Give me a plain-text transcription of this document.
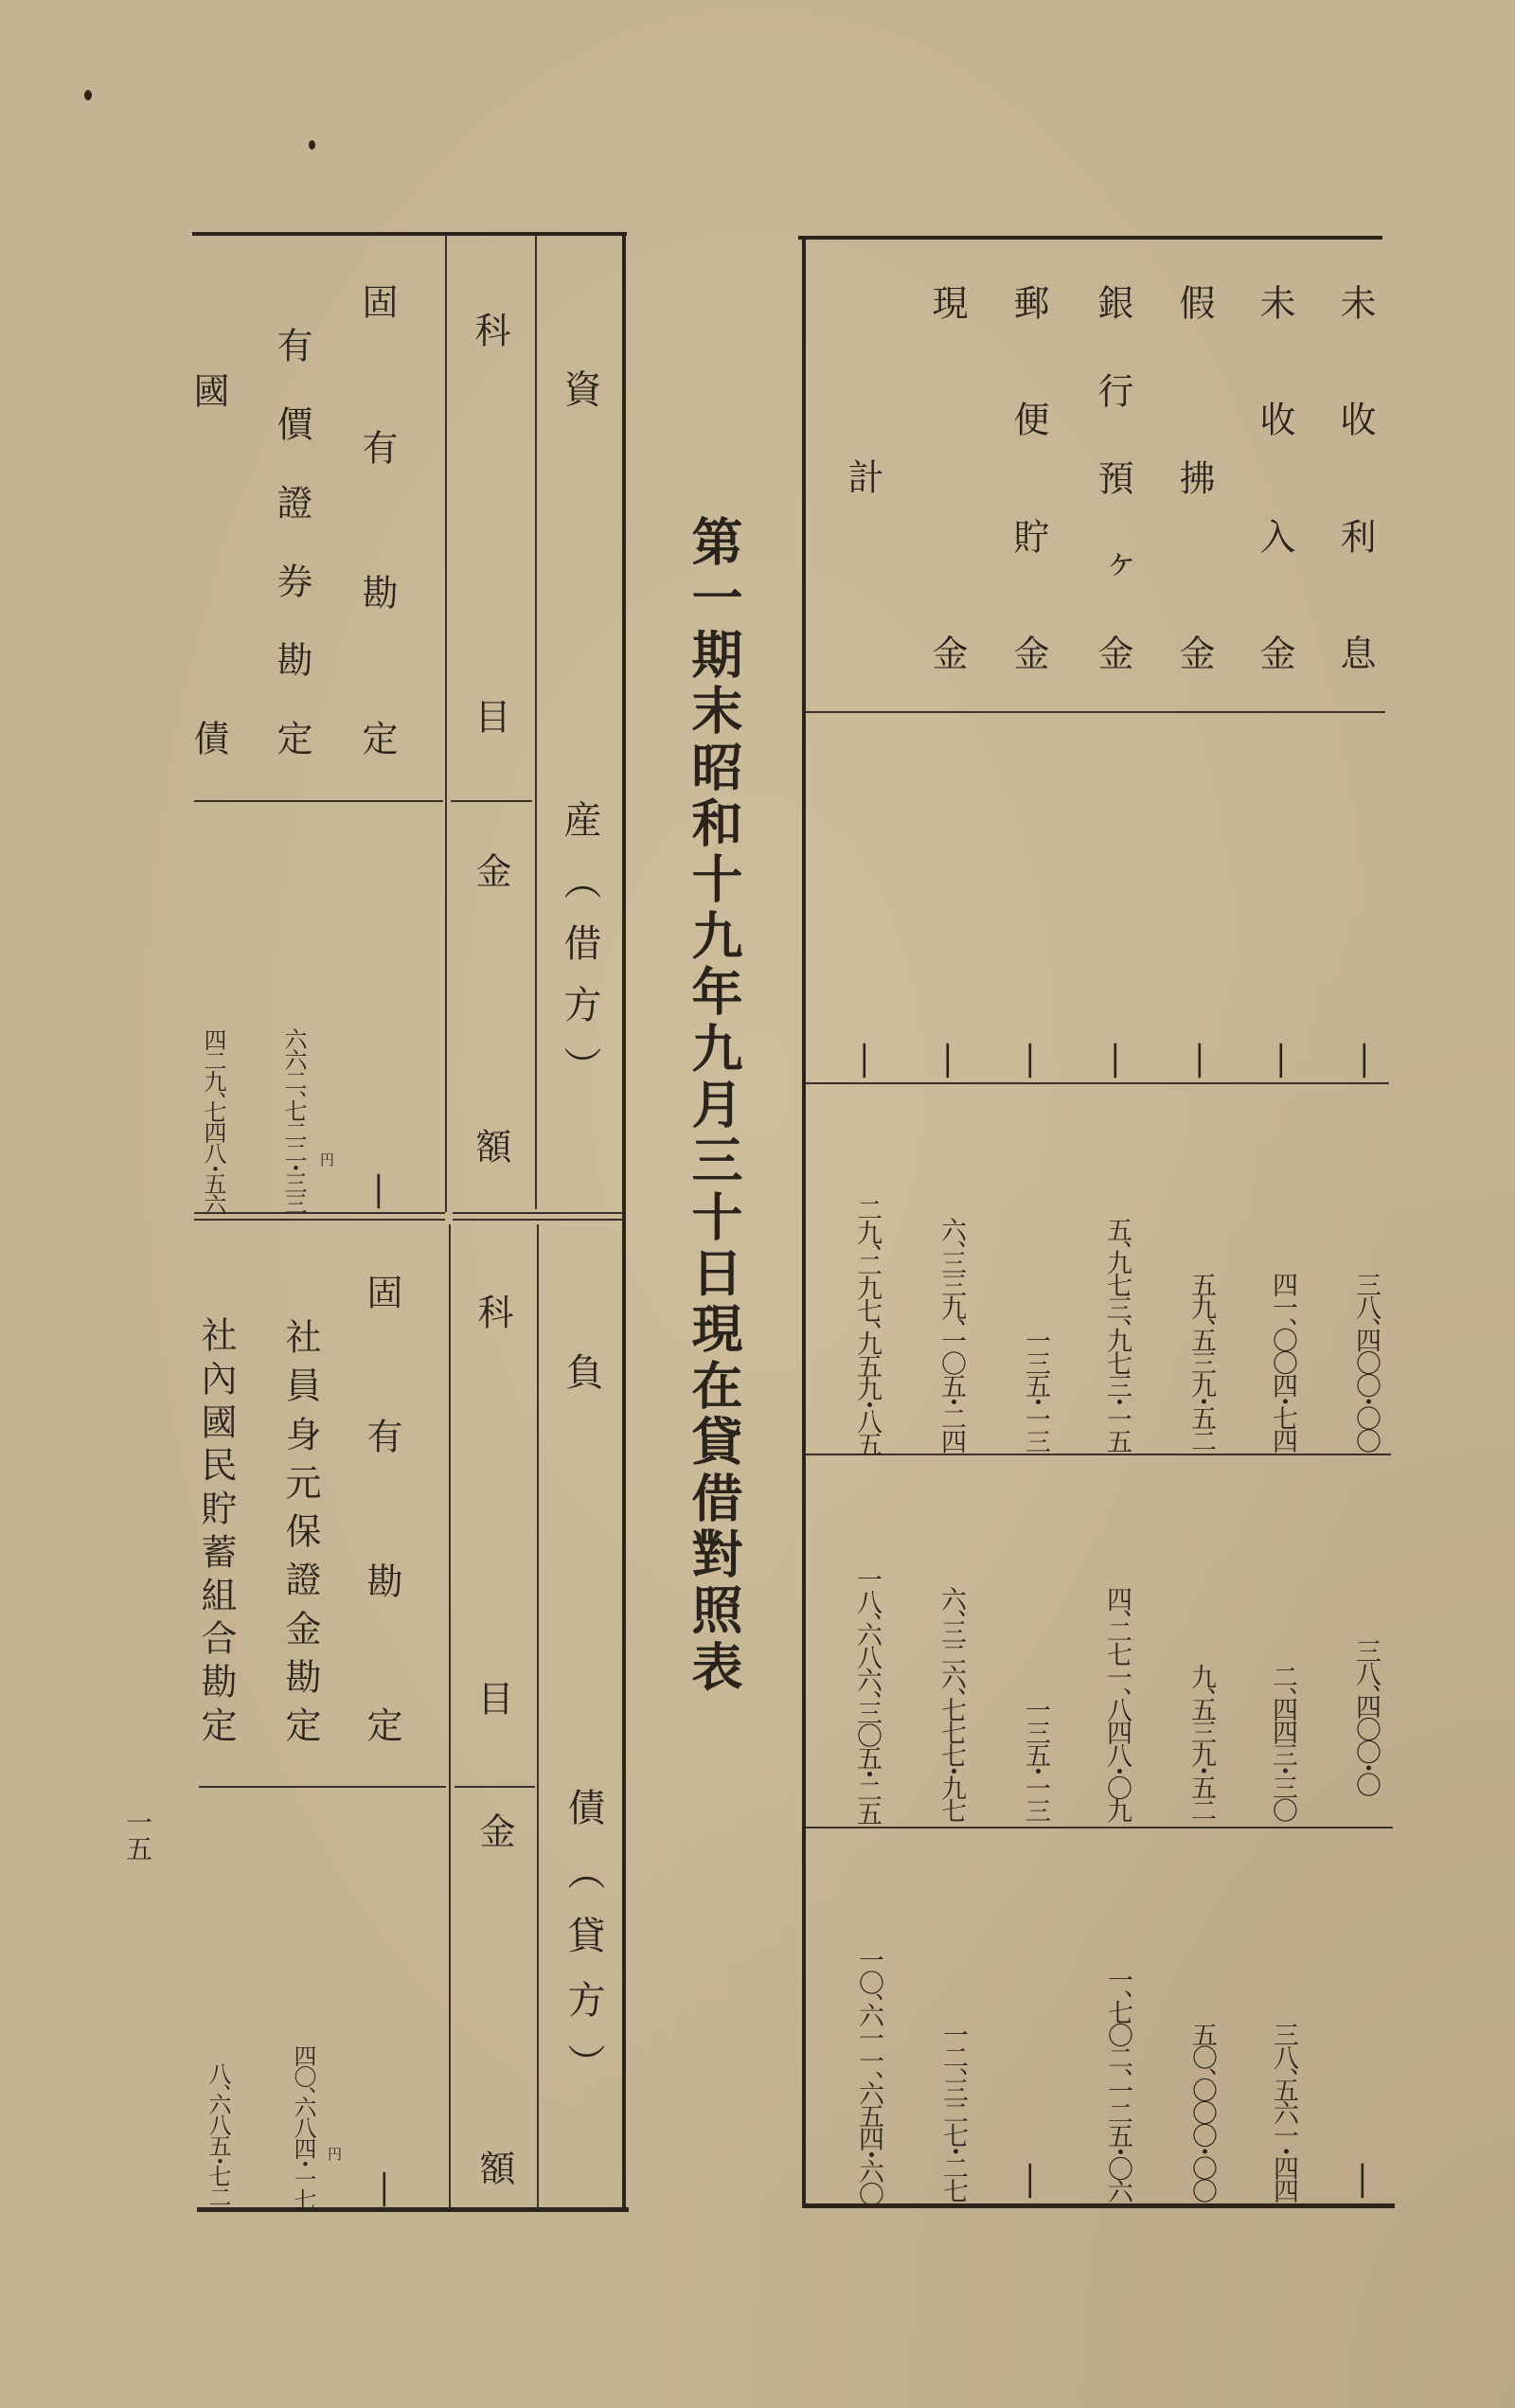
資
産
（
借
方
）
科
目
金
額
固
有
勘
定
有
價
證
券
勘
定
國
債
—
六六二、七二二・三三 円
四二九、七四八・五六
負
債
（
貸
方
）
科
目
金
額
固
有
勘
定
社
員
身
元
保
證
金
勘
定
社
內
國
民
貯
蓄
組
合
勘
定
—
四〇、六八四・一七 円
八、六八五・七二
第
一
期
末
昭
和
十
九
年
九
月
三
十
日
現
在
貸
借
對
照
表
未
收
利
息
—
三八、四〇〇・〇〇
三八、四〇〇・〇
—
未
收
入
金
—
四一、〇〇四・七四
二、四四三・三〇
三八、五六一・四四
假
拂
金
—
五九、五三九・五二
九、五三九・五二
五〇、〇〇〇・〇〇
銀
行
預
ヶ
金
—
五、九七三、九七三・一五
四、二七一、八四八・〇九
一、七〇二、一二五・〇六
郵
便
貯
金
—
一三五・一三
一三五・一三
—
現
金
—
六、三三九、一〇五・二四
六、三二六、七七七・九七
一二、三二七・二七
計
—
二九、二九七、九五九・八五
一八、六八六、三〇五・二五
一〇、六一一、六五四・六〇
一五
